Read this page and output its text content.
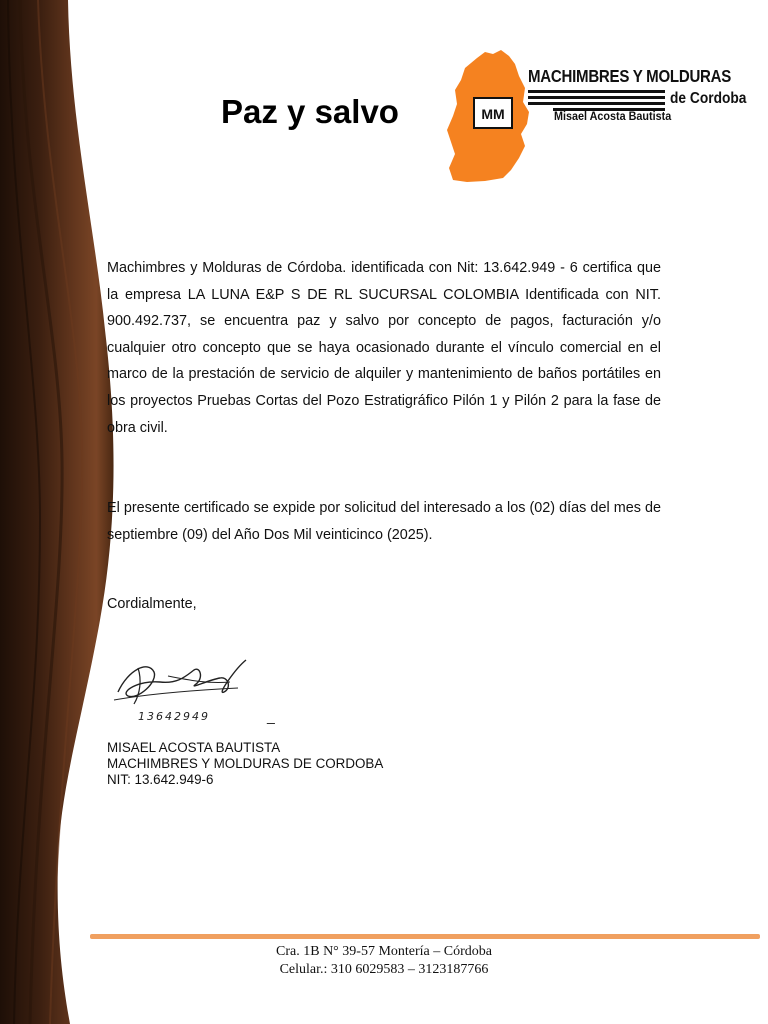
Paz y salvo	MM
MACHIMBRES Y MOLDURAS
de Cordoba
Misael Acosta Bautista
Machimbres y Molduras de Córdoba. identificada con Nit: 13.642.949 - 6 certifica que la empresa LA LUNA E&P S DE RL SUCURSAL COLOMBIA Identificada con NIT. 900.492.737, se encuentra paz y salvo por concepto de pagos, facturación y/o cualquier otro concepto que se haya ocasionado durante el vínculo comercial en el marco de la prestación de servicio de alquiler y mantenimiento de baños portátiles en los proyectos Pruebas Cortas del Pozo Estratigráfico Pilón 1 y Pilón 2 para la fase de obra civil.
El presente certificado se expide por solicitud del interesado a los (02) días del mes de septiembre (09) del Año Dos Mil veinticinco (2025).
Cordialmente,
13642949	_
MISAEL ACOSTA BAUTISTA
MACHIMBRES Y MOLDURAS DE CORDOBA
NIT: 13.642.949-6
Cra. 1B N° 39-57 Montería – Córdoba
Celular.: 310 6029583 – 3123187766
